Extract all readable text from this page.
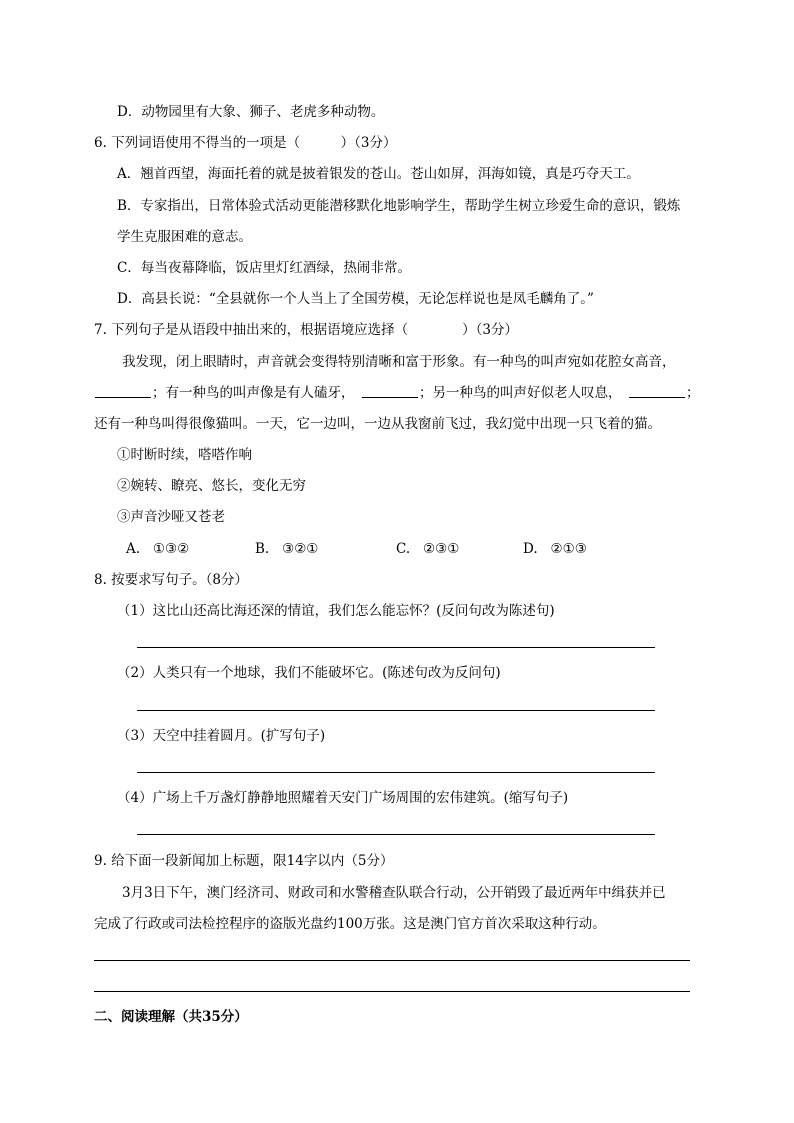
D．动物园里有大象、狮子、老虎多种动物。
6. 下列词语使用不得当的一项是（　　　）（3分）
A．翘首西望，海面托着的就是披着银发的苍山。苍山如屏，洱海如镜，真是巧夺天工。
B．专家指出，日常体验式活动更能潜移默化地影响学生，帮助学生树立珍爱生命的意识，锻炼
学生克服困难的意志。
C．每当夜幕降临，饭店里灯红酒绿，热闹非常。
D．高县长说：“全县就你一个人当上了全国劳模，无论怎样说也是凤毛麟角了。”
7. 下列句子是从语段中抽出来的，根据语境应选择（　　　　）（3分）
我发现，闭上眼睛时，声音就会变得特别清晰和富于形象。有一种鸟的叫声宛如花腔女高音，
；有一种鸟的叫声像是有人磕牙，	；另一种鸟的叫声好似老人叹息，	；
还有一种鸟叫得很像猫叫。一天，它一边叫，一边从我窗前飞过，我幻觉中出现一只飞着的猫。
①时断时续，嗒嗒作响
②婉转、瞭亮、悠长，变化无穷
③声音沙哑又苍老
A. ①③②	B. ③②①	C. ②③①	D. ②①③
8. 按要求写句子。（8分）
（1）这比山还高比海还深的情谊，我们怎么能忘怀？(反问句改为陈述句)
（2）人类只有一个地球，我们不能破坏它。(陈述句改为反问句)
（3）天空中挂着圆月。(扩写句子)
（4）广场上千万盏灯静静地照耀着天安门广场周围的宏伟建筑。(缩写句子)
9. 给下面一段新闻加上标题，限14字以内（5分）
3月3日下午，澳门经济司、财政司和水警稽查队联合行动，公开销毁了最近两年中缉获并已
完成了行政或司法检控程序的盗版光盘约100万张。这是澳门官方首次采取这种行动。
二、阅读理解（共35分）
